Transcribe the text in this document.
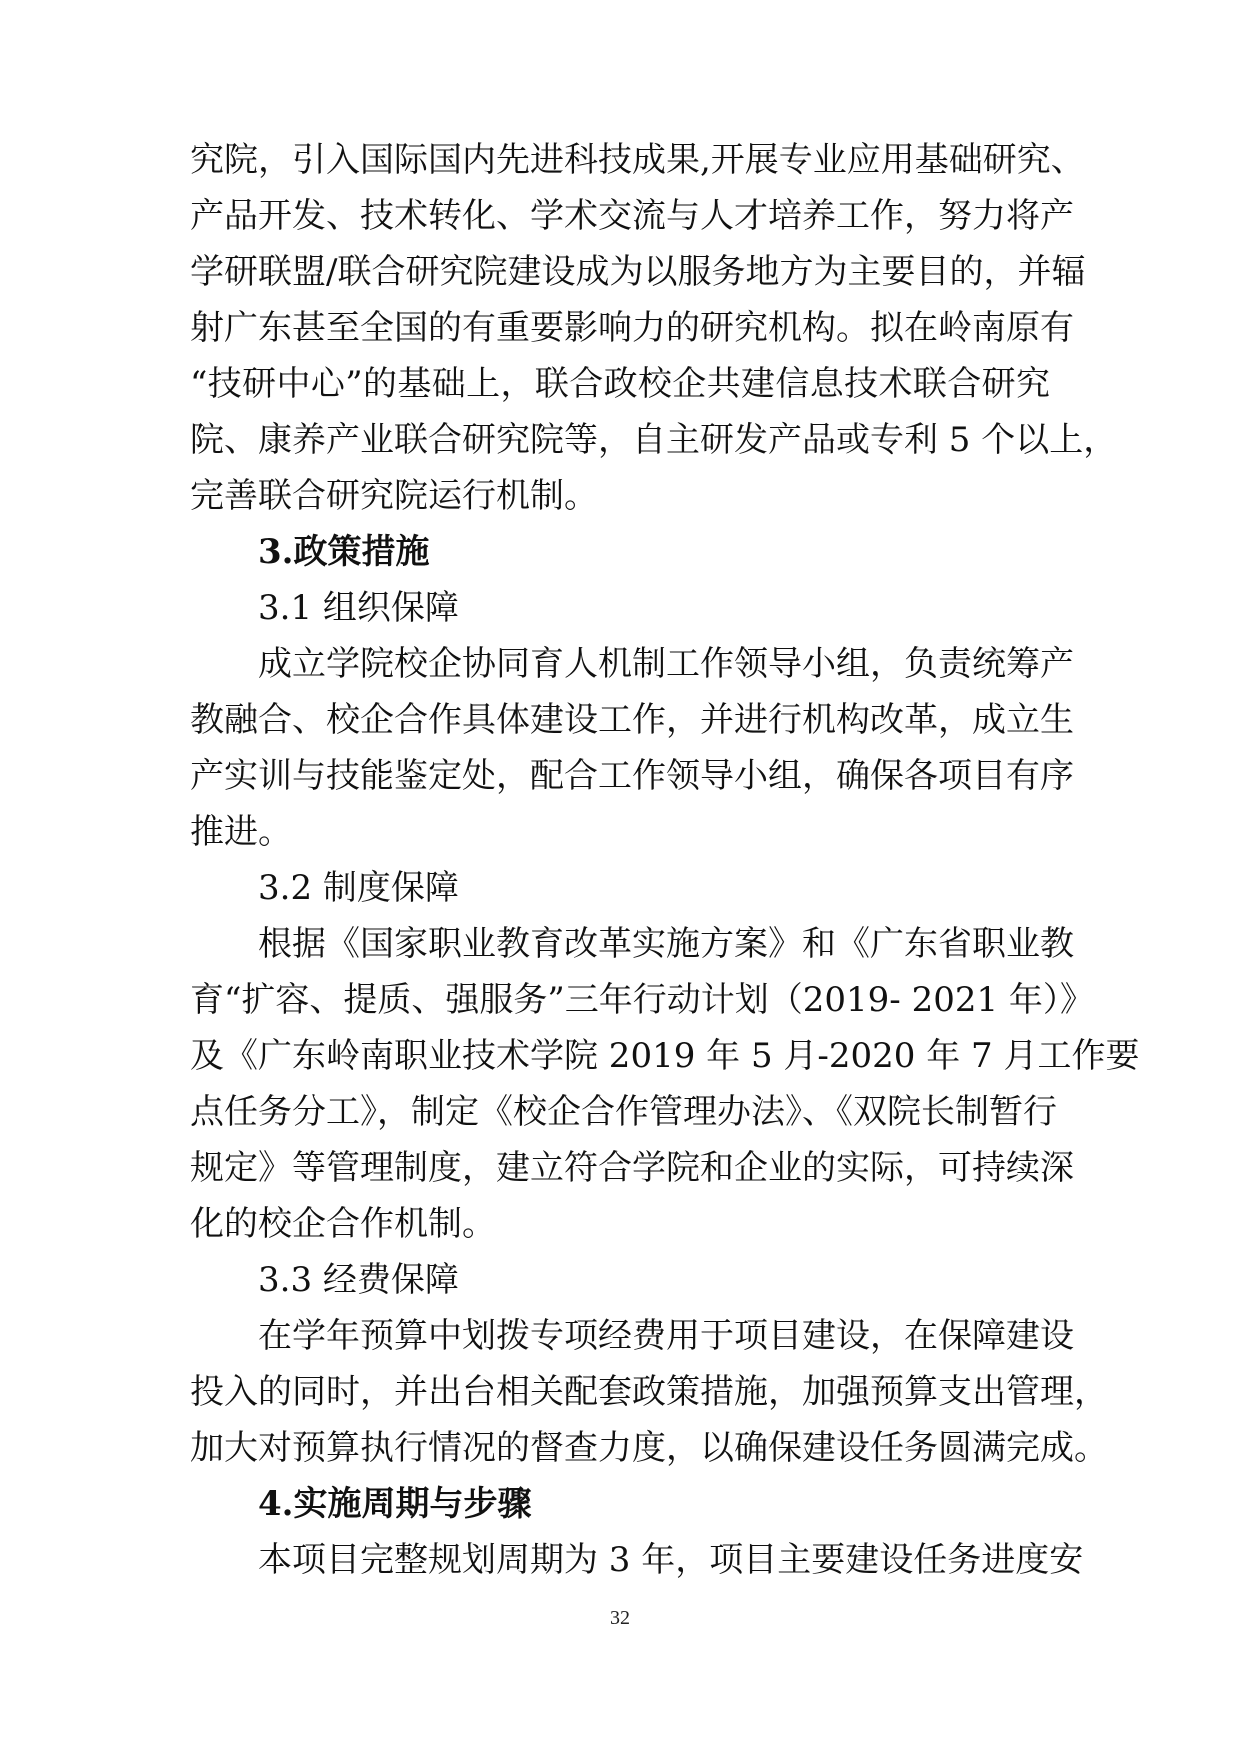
究院，引入国际国内先进科技成果,开展专业应用基础研究、
产品开发、技术转化、学术交流与人才培养工作，努力将产
学研联盟/联合研究院建设成为以服务地方为主要目的，并辐
射广东甚至全国的有重要影响力的研究机构。拟在岭南原有
“技研中心”的基础上，联合政校企共建信息技术联合研究
院、康养产业联合研究院等，自主研发产品或专利 5 个以上，
完善联合研究院运行机制。
3.政策措施
3.1 组织保障
成立学院校企协同育人机制工作领导小组，负责统筹产
教融合、校企合作具体建设工作，并进行机构改革，成立生
产实训与技能鉴定处，配合工作领导小组，确保各项目有序
推进。
3.2 制度保障
根据《国家职业教育改革实施方案》和《广东省职业教
育“扩容、提质、强服务”三年行动计划（2019- 2021 年）》
及《广东岭南职业技术学院 2019 年 5 月-2020 年 7 月工作要
点任务分工》，制定《校企合作管理办法》、《双院长制暂行
规定》等管理制度，建立符合学院和企业的实际，可持续深
化的校企合作机制。
3.3 经费保障
在学年预算中划拨专项经费用于项目建设，在保障建设
投入的同时，并出台相关配套政策措施，加强预算支出管理，
加大对预算执行情况的督查力度，以确保建设任务圆满完成。
4.实施周期与步骤
本项目完整规划周期为 3 年，项目主要建设任务进度安
32
